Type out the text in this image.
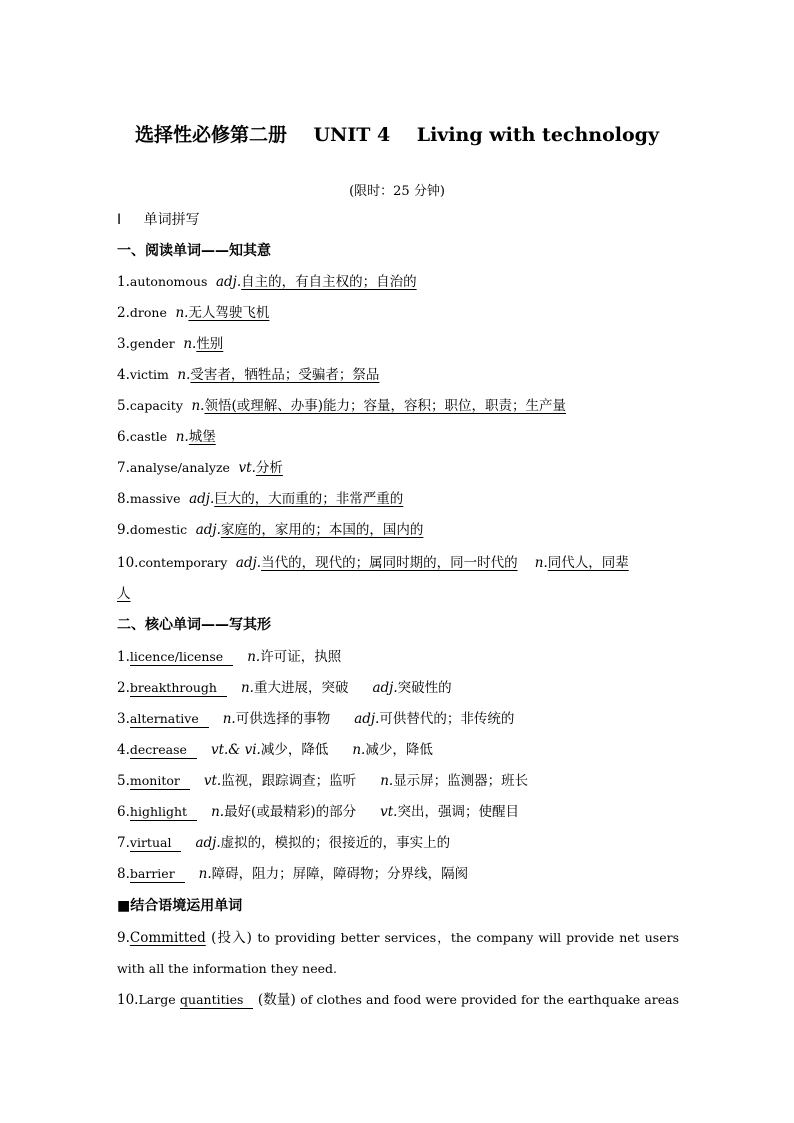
选择性必修第二册    UNIT 4    Living with technology
(限时：25 分钟)
Ⅰ 单词拼写
一、阅读单词——知其意
1.autonomous adj.自主的，有自主权的；自治的
2.drone n.无人驾驶飞机
3.gender n.性别
4.victim n.受害者，牺牲品；受骗者；祭品
5.capacity n.领悟(或理解、办事)能力；容量，容积；职位，职责；生产量
6.castle n.城堡
7.analyse/analyze vt.分析
8.massive adj.巨大的，大而重的；非常严重的
9.domestic adj.家庭的，家用的；本国的，国内的
10.contemporary adj.当代的，现代的；属同时期的，同一时代的 n.同代人，同辈
人
二、核心单词——写其形
1.licence/license n.许可证，执照
2.breakthrough n.重大进展，突破 adj.突破性的
3.alternative n.可供选择的事物 adj.可供替代的；非传统的
4.decrease vt.& vi.减少，降低 n.减少，降低
5.monitor vt.监视，跟踪调查；监听 n.显示屏；监测器；班长
6.highlight n.最好(或最精彩)的部分 vt.突出，强调；使醒目
7.virtual adj.虚拟的，模拟的；很接近的，事实上的
8.barrier n.障碍，阻力；屏障，障碍物；分界线，隔阂
■结合语境运用单词
9.Committed (投入) to providing better services，the company will provide net users
with all the information they need.
10.Large quantities (数量) of clothes and food were provided for the earthquake areas
